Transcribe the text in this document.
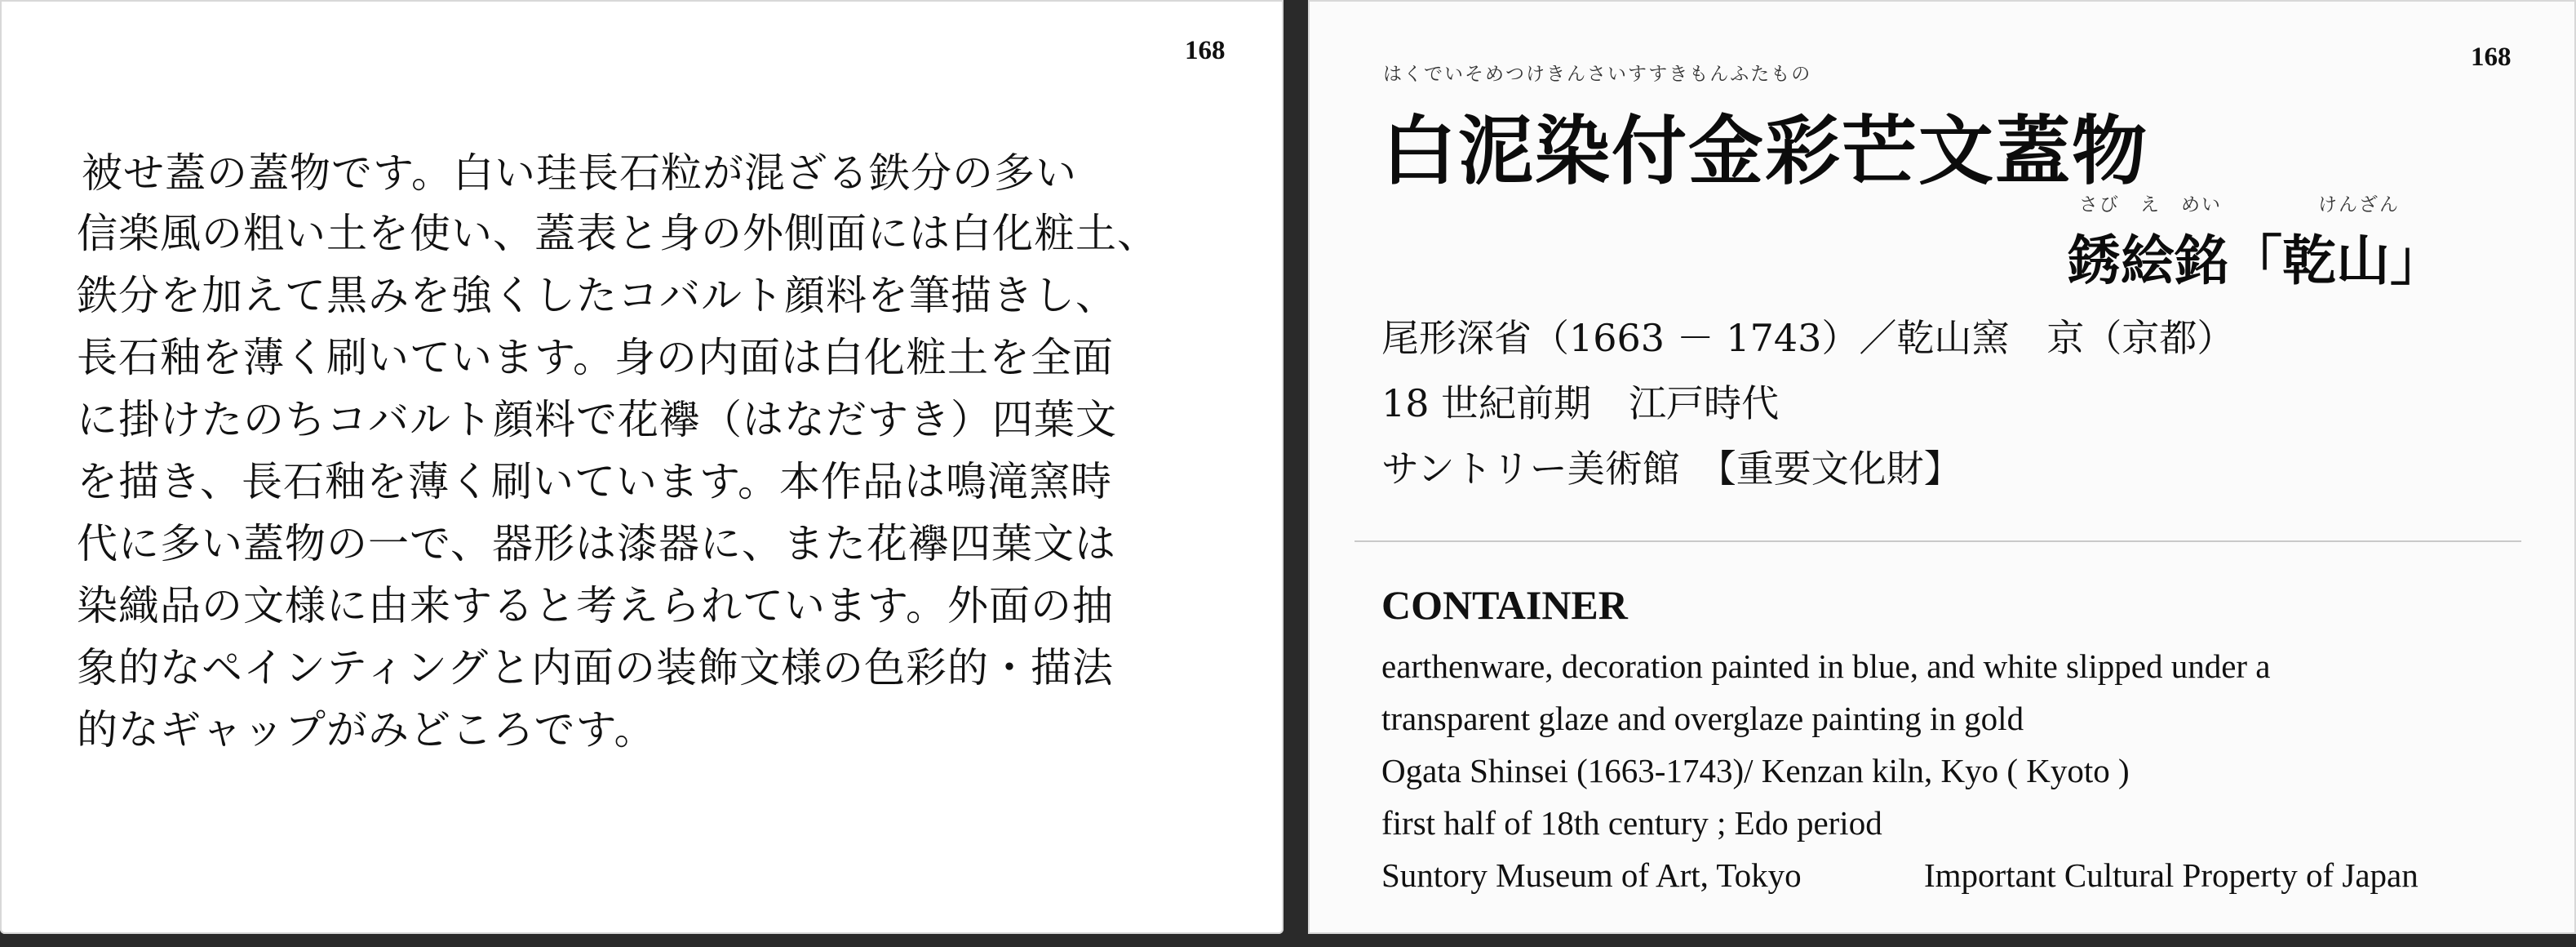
168
被せ蓋の蓋物です。白い珪長石粒が混ざる鉄分の多い
信楽風の粗い土を使い、蓋表と身の外側面には白化粧土、
鉄分を加えて黒みを強くしたコバルト顔料を筆描きし、
長石釉を薄く刷いています。身の内面は白化粧土を全面
に掛けたのちコバルト顔料で花襷（はなだすき）四葉文
を描き、長石釉を薄く刷いています。本作品は鳴滝窯時
代に多い蓋物の一で、器形は漆器に、また花襷四葉文は
染織品の文様に由来すると考えられています。外面の抽
象的なペインティングと内面の装飾文様の色彩的・描法
的なギャップがみどころです。
168
はくでいそめつけきんさいすすきもんふたもの
白泥染付金彩芒文蓋物
さび　え　めい	けんざん
銹絵銘「乾山」
尾形深省（1663 － 1743）／乾山窯　京（京都）
18 世紀前期　江戸時代
サントリー美術館　【重要文化財】
CONTAINER
earthenware, decoration painted in blue, and white slipped under a
transparent glaze and overglaze painting in gold
Ogata Shinsei (1663-1743)/ Kenzan kiln, Kyo ( Kyoto )
first half of 18th century ; Edo period
Suntory Museum of Art, Tokyo	Important Cultural Property of Japan
